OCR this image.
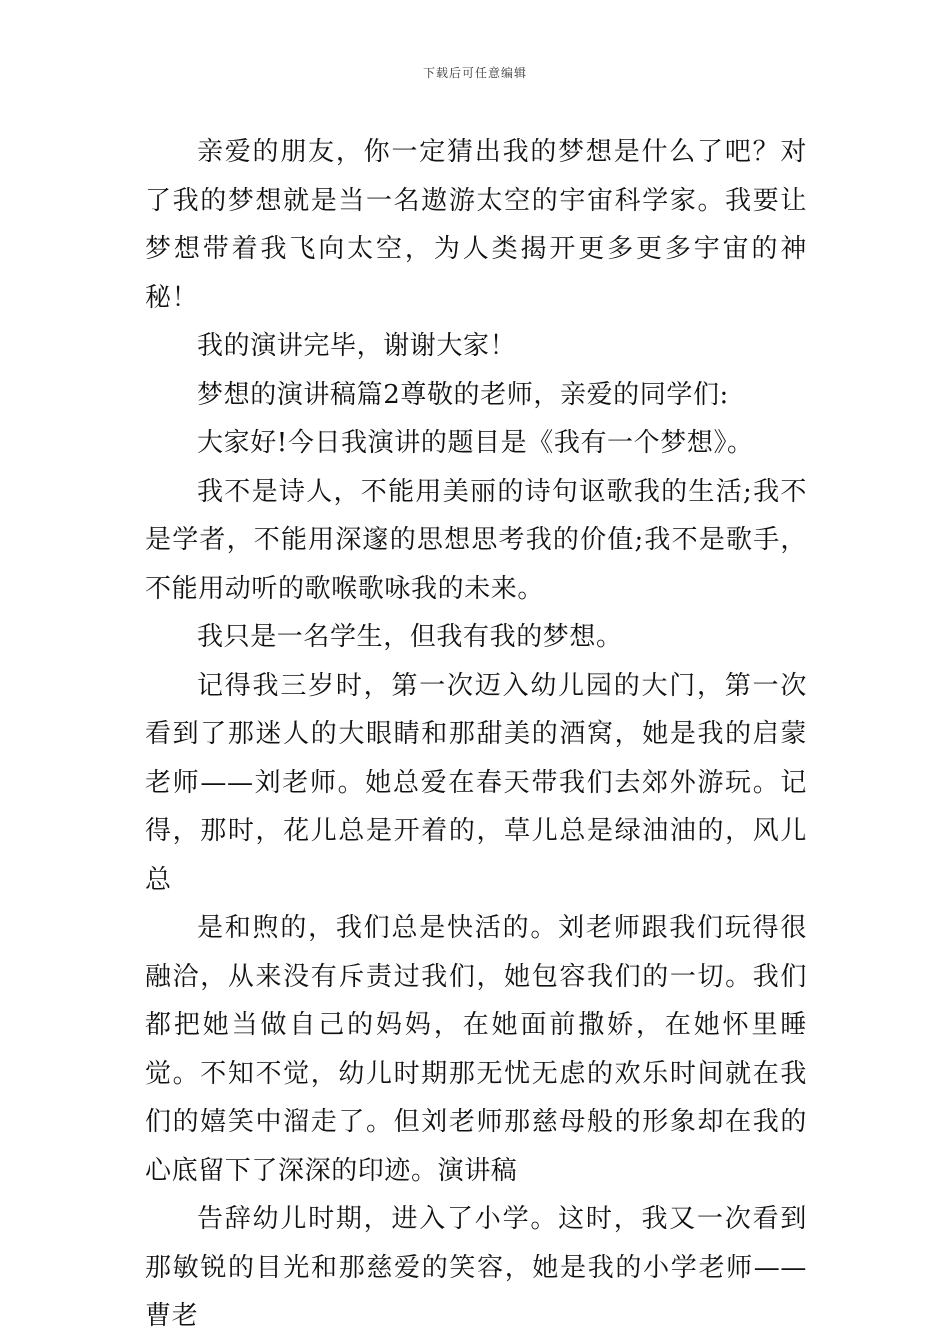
下载后可任意编辑

亲爱的朋友，你一定猜出我的梦想是什么了吧？对了我的梦想就是当一名遨游太空的宇宙科学家。我要让梦想带着我飞向太空，为人类揭开更多更多宇宙的神秘！

我的演讲完毕，谢谢大家！

梦想的演讲稿篇2尊敬的老师，亲爱的同学们:

大家好!今日我演讲的题目是《我有一个梦想》。

我不是诗人，不能用美丽的诗句讴歌我的生活;我不是学者，不能用深邃的思想思考我的价值;我不是歌手，不能用动听的歌喉歌咏我的未来。

我只是一名学生，但我有我的梦想。

记得我三岁时，第一次迈入幼儿园的大门，第一次看到了那迷人的大眼睛和那甜美的酒窝，她是我的启蒙老师——刘老师。她总爱在春天带我们去郊外游玩。记得，那时，花儿总是开着的，草儿总是绿油油的，风儿总

是和煦的，我们总是快活的。刘老师跟我们玩得很融洽，从来没有斥责过我们，她包容我们的一切。我们都把她当做自己的妈妈，在她面前撒娇，在她怀里睡觉。不知不觉，幼儿时期那无忧无虑的欢乐时间就在我们的嬉笑中溜走了。但刘老师那慈母般的形象却在我的心底留下了深深的印迹。演讲稿

告辞幼儿时期，进入了小学。这时，我又一次看到那敏锐的目光和那慈爱的笑容，她是我的小学老师——曹老
